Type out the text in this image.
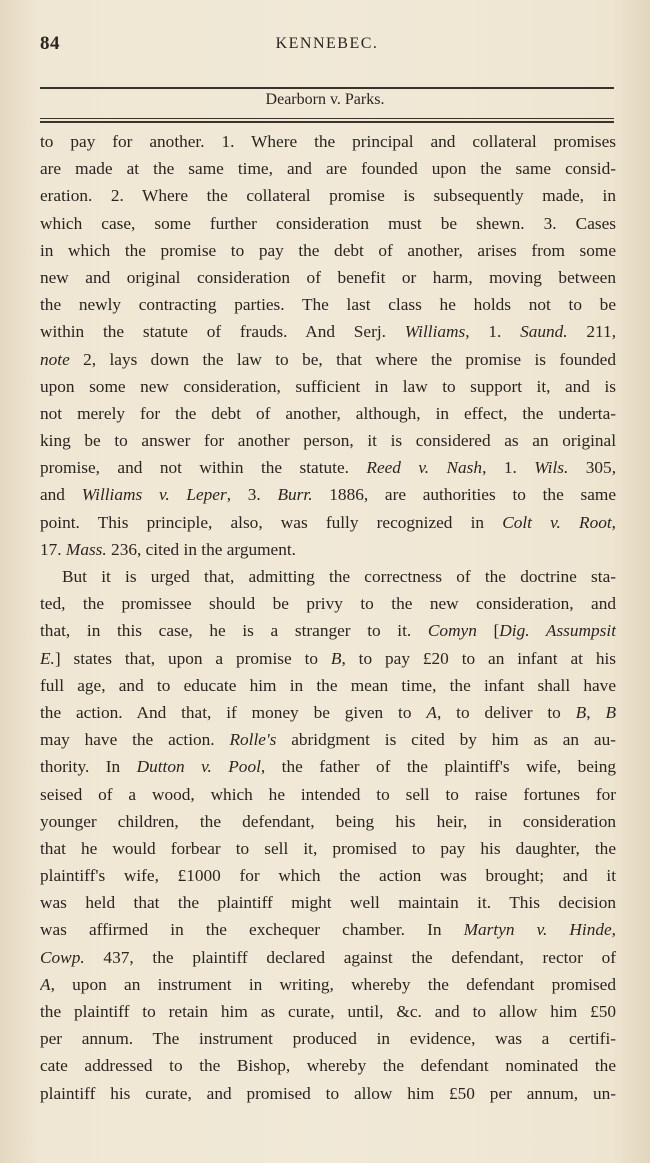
84	KENNEBEC.
Dearborn v. Parks.
to pay for another. 1. Where the principal and collateral promises
are made at the same time, and are founded upon the same consid-
eration. 2. Where the collateral promise is subsequently made, in
which case, some further consideration must be shewn. 3. Cases
in which the promise to pay the debt of another, arises from some
new and original consideration of benefit or harm, moving between
the newly contracting parties. The last class he holds not to be
within the statute of frauds. And Serj. Williams, 1. Saund. 211,
note 2, lays down the law to be, that where the promise is founded
upon some new consideration, sufficient in law to support it, and is
not merely for the debt of another, although, in effect, the underta-
king be to answer for another person, it is considered as an original
promise, and not within the statute. Reed v. Nash, 1. Wils. 305,
and Williams v. Leper, 3. Burr. 1886, are authorities to the same
point. This principle, also, was fully recognized in Colt v. Root,
17. Mass. 236, cited in the argument.
But it is urged that, admitting the correctness of the doctrine sta-
ted, the promissee should be privy to the new consideration, and
that, in this case, he is a stranger to it. Comyn [Dig. Assumpsit
E.] states that, upon a promise to B, to pay £20 to an infant at his
full age, and to educate him in the mean time, the infant shall have
the action. And that, if money be given to A, to deliver to B, B
may have the action. Rolle's abridgment is cited by him as an au-
thority. In Dutton v. Pool, the father of the plaintiff's wife, being
seised of a wood, which he intended to sell to raise fortunes for
younger children, the defendant, being his heir, in consideration
that he would forbear to sell it, promised to pay his daughter, the
plaintiff's wife, £1000 for which the action was brought; and it
was held that the plaintiff might well maintain it. This decision
was affirmed in the exchequer chamber. In Martyn v. Hinde,
Cowp. 437, the plaintiff declared against the defendant, rector of
A, upon an instrument in writing, whereby the defendant promised
the plaintiff to retain him as curate, until, &c. and to allow him £50
per annum. The instrument produced in evidence, was a certifi-
cate addressed to the Bishop, whereby the defendant nominated the
plaintiff his curate, and promised to allow him £50 per annum, un-
